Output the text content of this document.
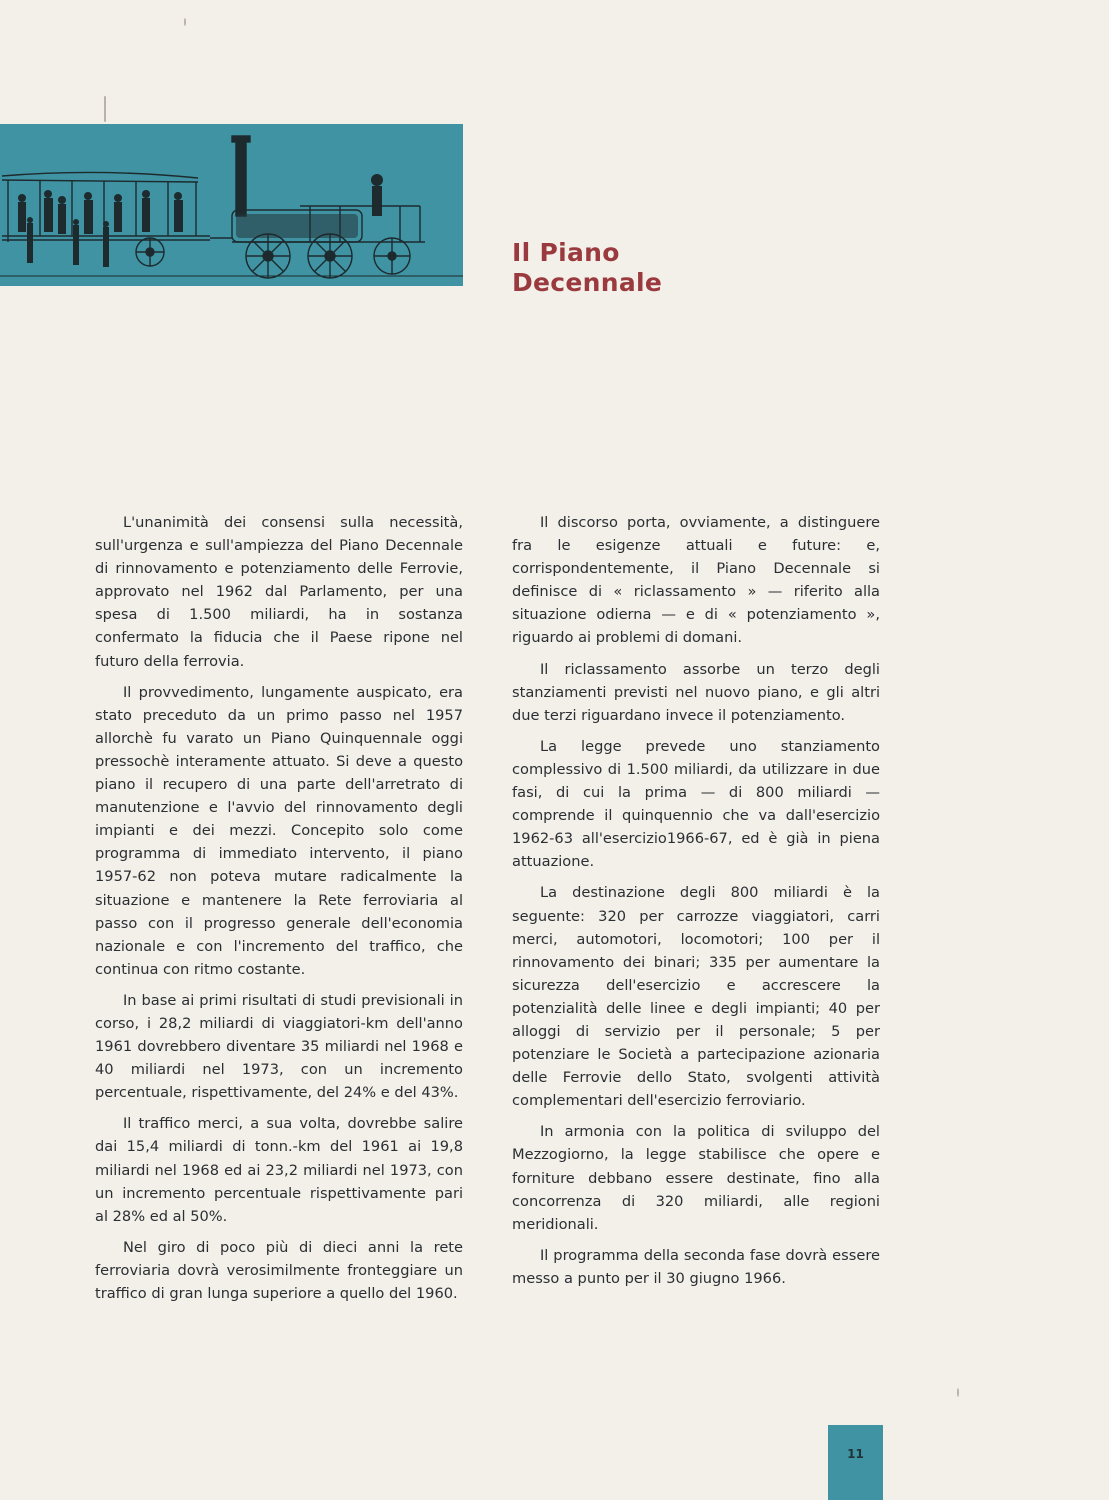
Il Piano
Decennale

L'unanimità dei consensi sulla necessità, sull'urgenza e sull'ampiezza del Piano Decennale di rinnovamento e potenziamento delle Ferrovie, approvato nel 1962 dal Parlamento, per una spesa di 1.500 miliardi, ha in sostanza confermato la fiducia che il Paese ripone nel futuro della ferrovia.

Il provvedimento, lungamente auspicato, era stato preceduto da un primo passo nel 1957 allorchè fu varato un Piano Quinquennale oggi pressochè interamente attuato. Si deve a questo piano il recupero di una parte dell'arretrato di manutenzione e l'avvio del rinnovamento degli impianti e dei mezzi. Concepito solo come programma di immediato intervento, il piano 1957-62 non poteva mutare radicalmente la situazione e mantenere la Rete ferroviaria al passo con il progresso generale dell'economia nazionale e con l'incremento del traffico, che continua con ritmo costante.

In base ai primi risultati di studi previsionali in corso, i 28,2 miliardi di viaggiatori-km dell'anno 1961 dovrebbero diventare 35 miliardi nel 1968 e 40 miliardi nel 1973, con un incremento percentuale, rispettivamente, del 24% e del 43%.

Il traffico merci, a sua volta, dovrebbe salire dai 15,4 miliardi di tonn.-km del 1961 ai 19,8 miliardi nel 1968 ed ai 23,2 miliardi nel 1973, con un incremento percentuale rispettivamente pari al 28% ed al 50%.

Nel giro di poco più di dieci anni la rete ferroviaria dovrà verosimilmente fronteggiare un traffico di gran lunga superiore a quello del 1960.

Il discorso porta, ovviamente, a distinguere fra le esigenze attuali e future: e, corrispondentemente, il Piano Decennale si definisce di « riclassamento » — riferito alla situazione odierna — e di « potenziamento », riguardo ai problemi di domani.

Il riclassamento assorbe un terzo degli stanziamenti previsti nel nuovo piano, e gli altri due terzi riguardano invece il potenziamento.

La legge prevede uno stanziamento complessivo di 1.500 miliardi, da utilizzare in due fasi, di cui la prima — di 800 miliardi — comprende il quinquennio che va dall'esercizio 1962-63 all'esercizio1966-67, ed è già in piena attuazione.

La destinazione degli 800 miliardi è la seguente: 320 per carrozze viaggiatori, carri merci, automotori, locomotori; 100 per il rinnovamento dei binari; 335 per aumentare la sicurezza dell'esercizio e accrescere la potenzialità delle linee e degli impianti; 40 per alloggi di servizio per il personale; 5 per potenziare le Società a partecipazione azionaria delle Ferrovie dello Stato, svolgenti attività complementari dell'esercizio ferroviario.

In armonia con la politica di sviluppo del Mezzogiorno, la legge stabilisce che opere e forniture debbano essere destinate, fino alla concorrenza di 320 miliardi, alle regioni meridionali.

Il programma della seconda fase dovrà essere messo a punto per il 30 giugno 1966.

11
